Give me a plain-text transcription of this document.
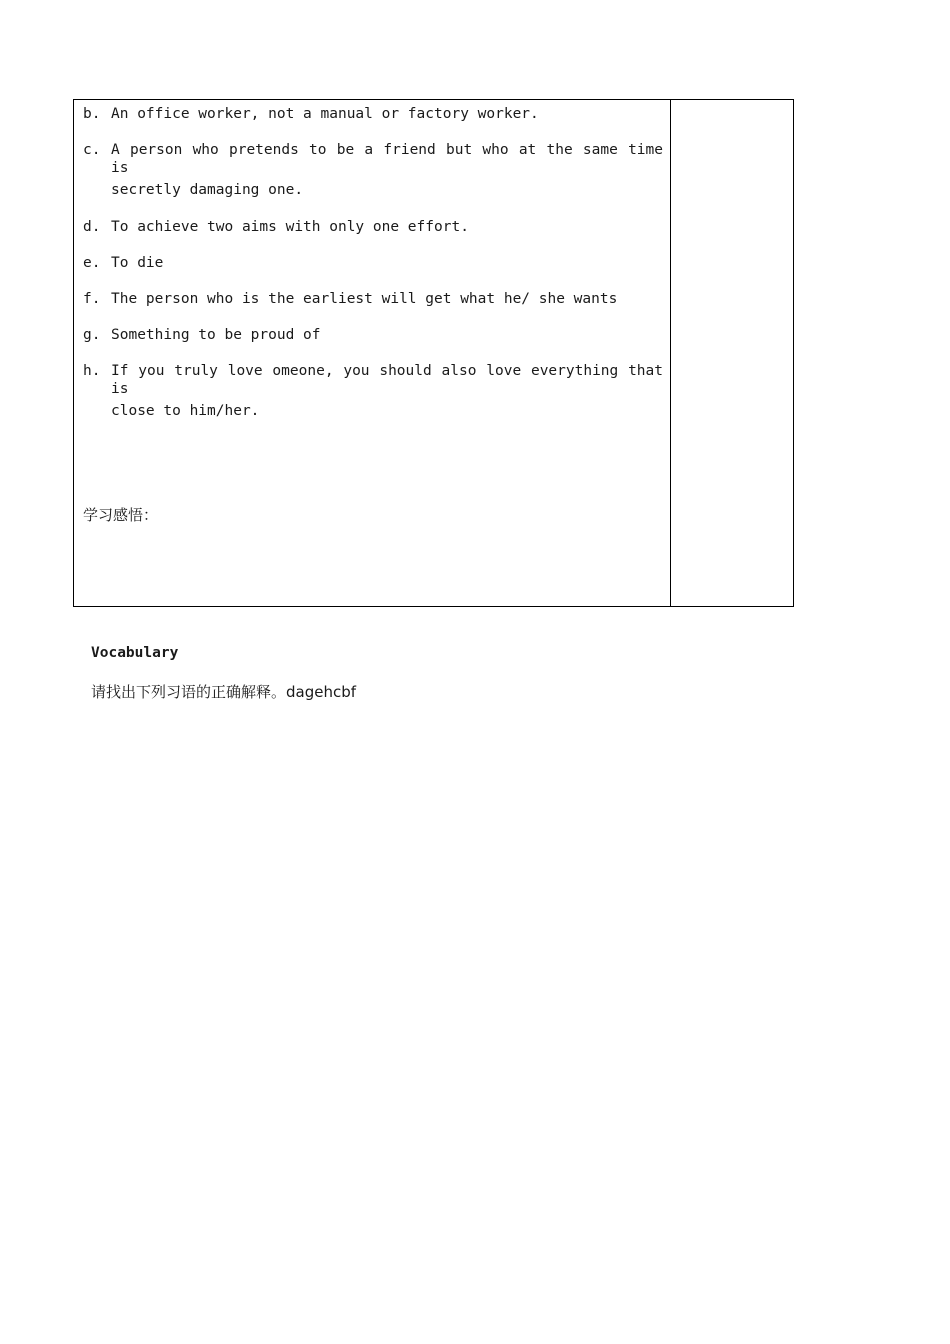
b. An office worker, not a manual or factory worker.
c. A person who pretends to be a friend but who at the same time is
secretly damaging one.
d. To achieve two aims with only one effort.
e. To die
f. The person who is the earliest will get what he/ she wants
g. Something to be proud of
h. If you truly love omeone, you should also love everything that is
close to him/her.
学习感悟：
Vocabulary
请找出下列习语的正确解释。dagehcbf
